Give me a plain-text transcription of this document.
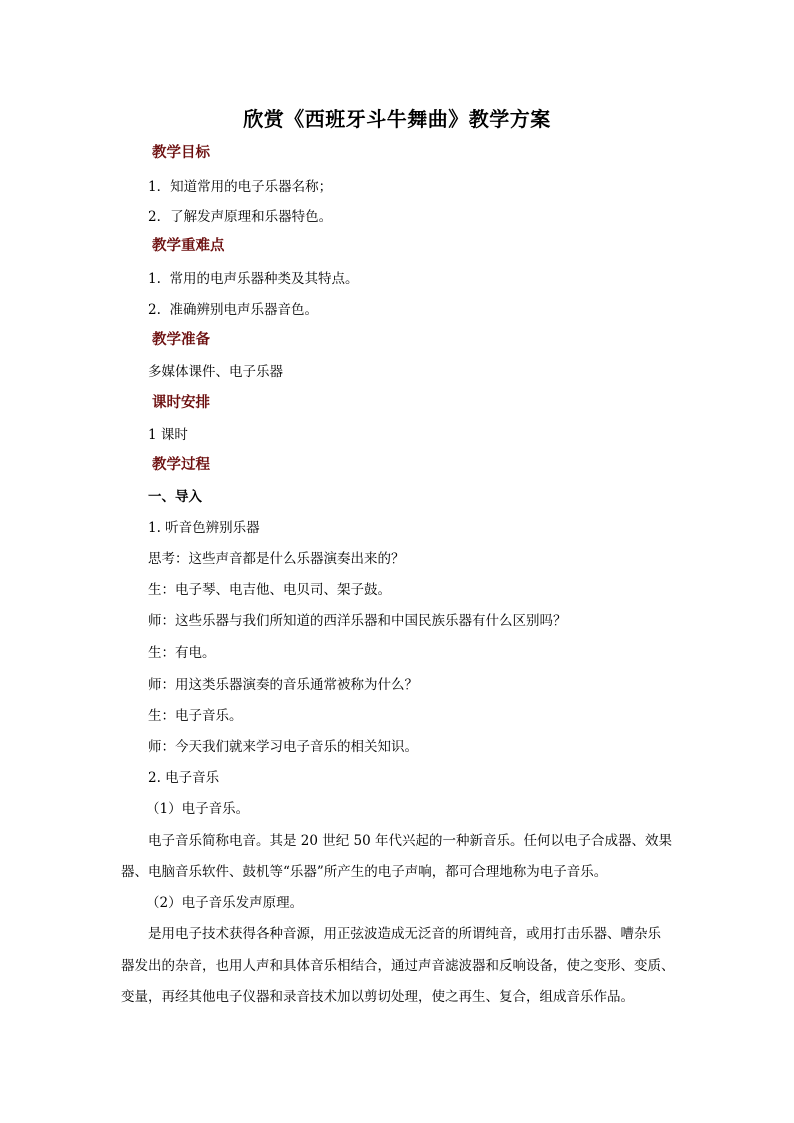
欣赏《西班牙斗牛舞曲》教学方案
教学目标
1．知道常用的电子乐器名称；
2．了解发声原理和乐器特色。
教学重难点
1.  常用的电声乐器种类及其特点。
2.  准确辨别电声乐器音色。
教学准备
多媒体课件、电子乐器
课时安排
1 课时
教学过程
一、导入
1. 听音色辨别乐器
思考：这些声音都是什么乐器演奏出来的？
生：电子琴、电吉他、电贝司、架子鼓。
师：这些乐器与我们所知道的西洋乐器和中国民族乐器有什么区别吗？
生：有电。
师：用这类乐器演奏的音乐通常被称为什么？
生：电子音乐。
师：今天我们就来学习电子音乐的相关知识。
2. 电子音乐
（1）电子音乐。
电子音乐简称电音。其是 20 世纪 50 年代兴起的一种新音乐。任何以电子合成器、效果
器、电脑音乐软件、鼓机等“乐器”所产生的电子声响，都可合理地称为电子音乐。
（2）电子音乐发声原理。
是用电子技术获得各种音源，用正弦波造成无泛音的所谓纯音，或用打击乐器、嘈杂乐
器发出的杂音，也用人声和具体音乐相结合，通过声音滤波器和反响设备，使之变形、变质、
变量，再经其他电子仪器和录音技术加以剪切处理，使之再生、复合，组成音乐作品。
